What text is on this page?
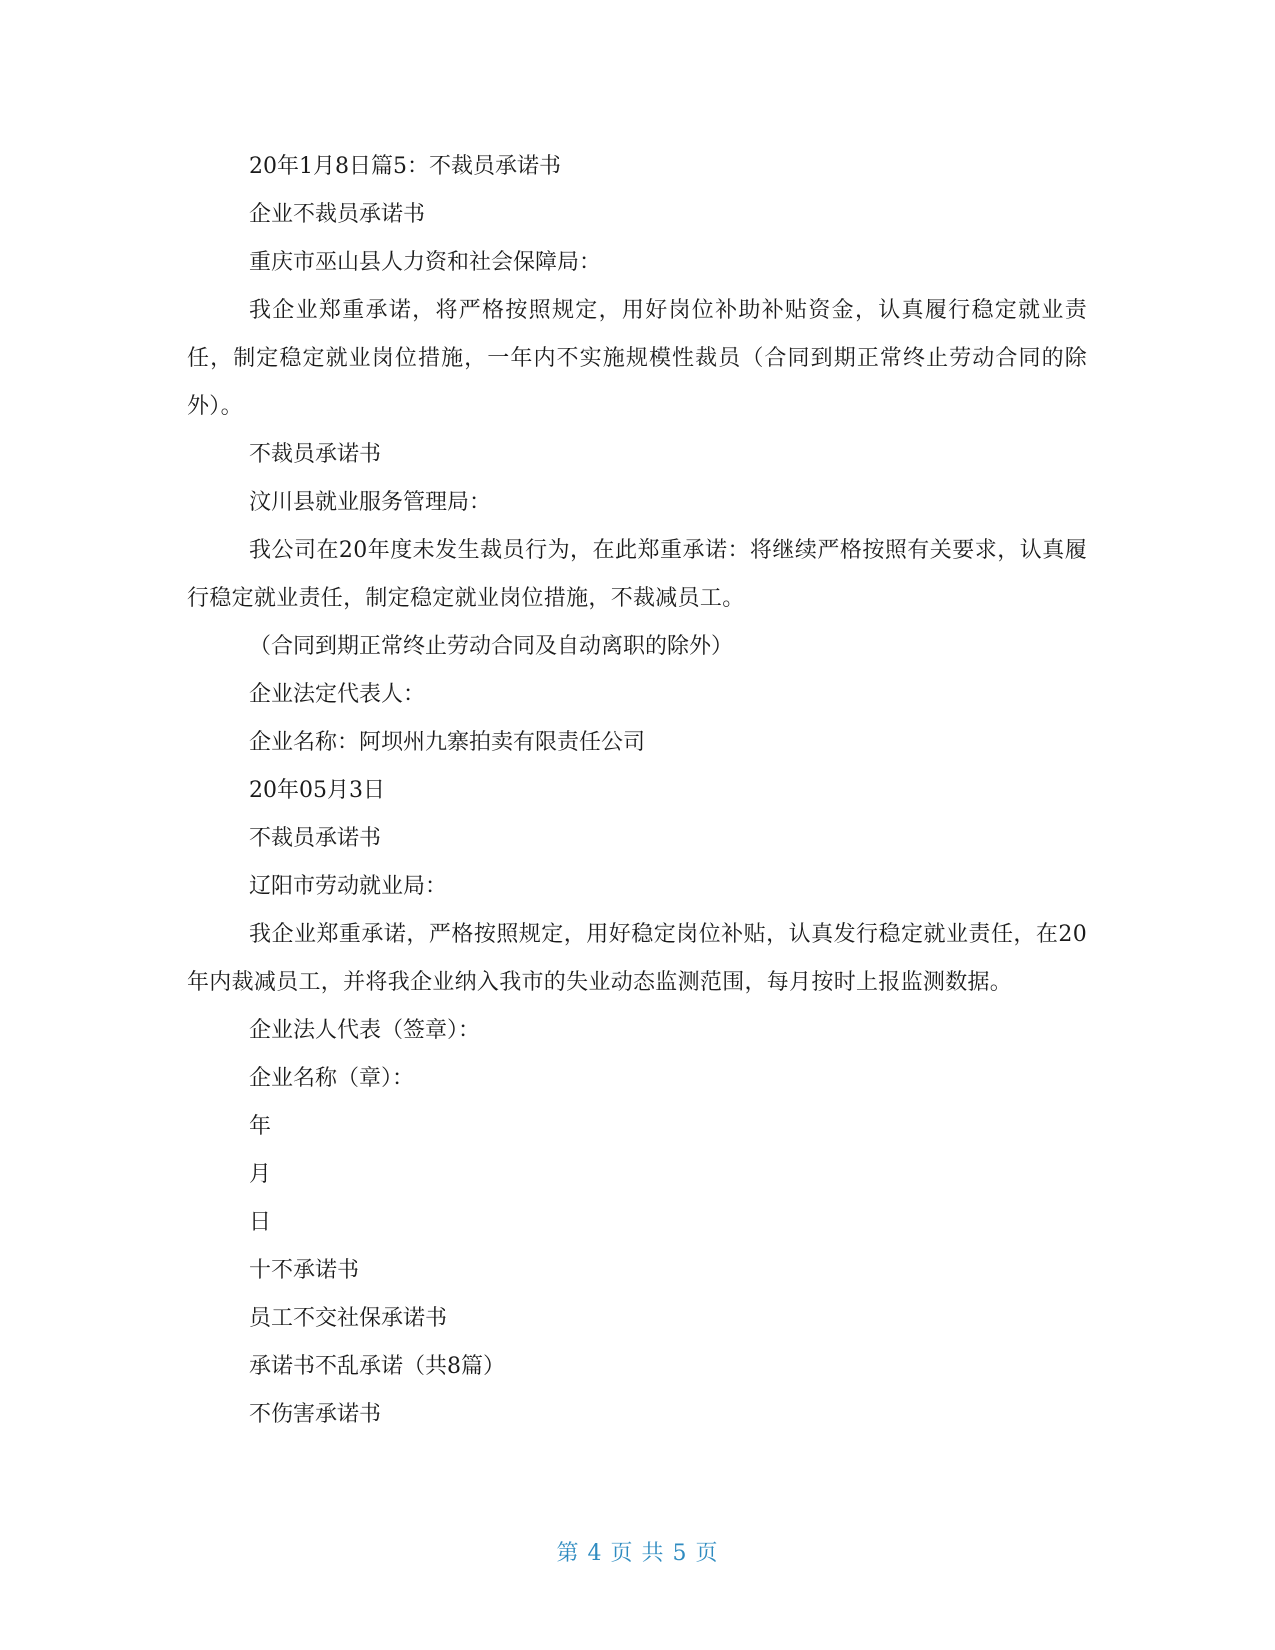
20年1月8日篇5：不裁员承诺书
企业不裁员承诺书
重庆市巫山县人力资和社会保障局：

我企业郑重承诺，将严格按照规定，用好岗位补助补贴资金，认真履行稳定就业责任，制定稳定就业岗位措施，一年内不实施规模性裁员（合同到期正常终止劳动合同的除外）。

不裁员承诺书
汶川县就业服务管理局：

我公司在20年度未发生裁员行为，在此郑重承诺：将继续严格按照有关要求，认真履行稳定就业责任，制定稳定就业岗位措施，不裁减员工。

（合同到期正常终止劳动合同及自动离职的除外）
企业法定代表人：
企业名称：阿坝州九寨拍卖有限责任公司
20年05月3日
不裁员承诺书
辽阳市劳动就业局：

我企业郑重承诺，严格按照规定，用好稳定岗位补贴，认真发行稳定就业责任，在20年内裁减员工，并将我企业纳入我市的失业动态监测范围，每月按时上报监测数据。

企业法人代表（签章）：
企业名称（章）：
年
月
日
十不承诺书
员工不交社保承诺书
承诺书不乱承诺（共8篇）
不伤害承诺书
第 4 页 共 5 页
